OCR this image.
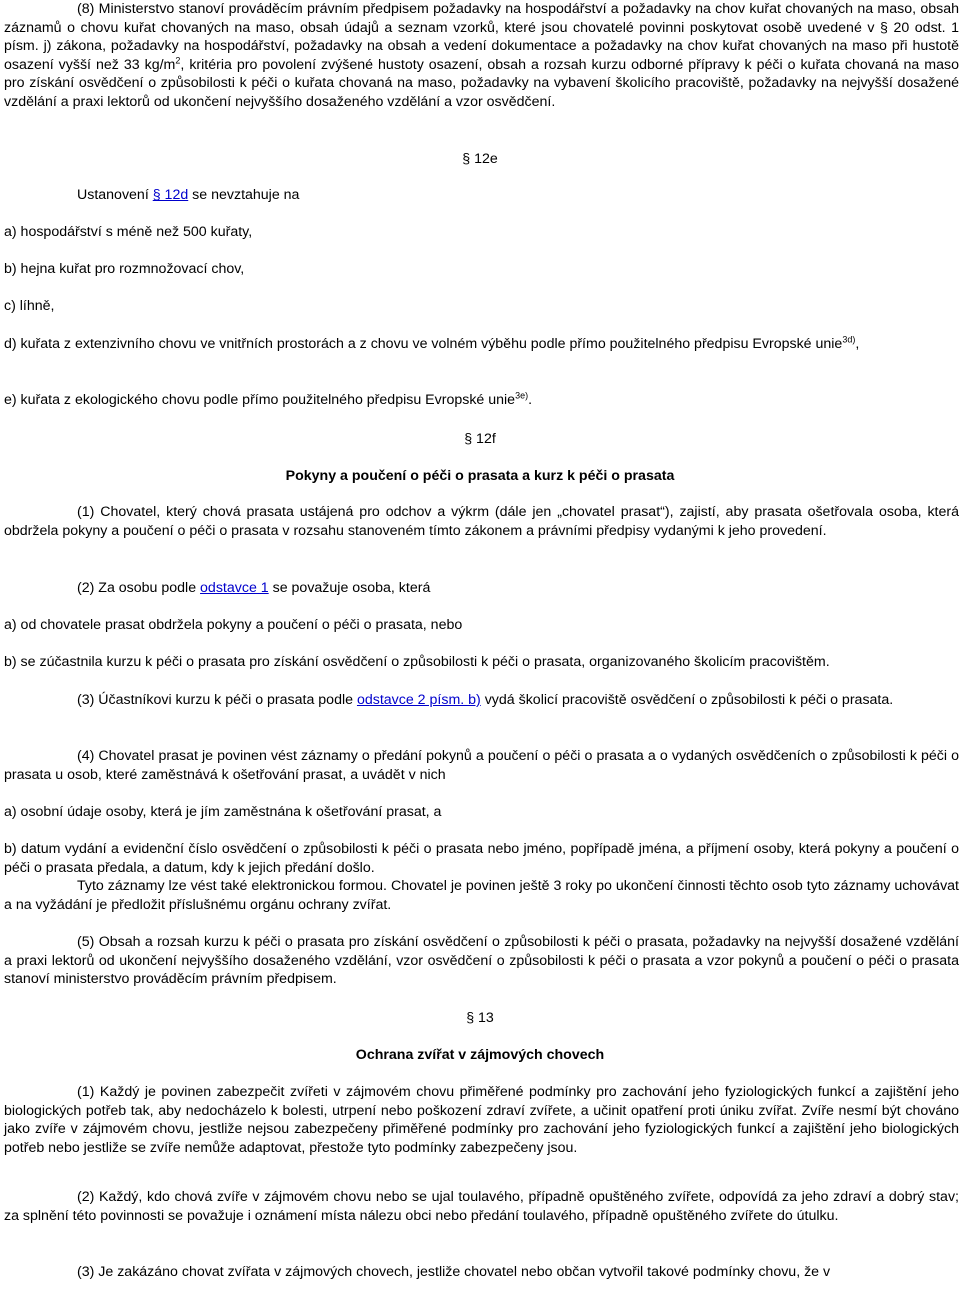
(8) Ministerstvo stanoví prováděcím právním předpisem požadavky na hospodářství a požadavky na chov kuřat chovaných na maso, obsah záznamů o chovu kuřat chovaných na maso, obsah údajů a seznam vzorků, které jsou chovatelé povinni poskytovat osobě uvedené v § 20 odst. 1 písm. j) zákona, požadavky na hospodářství, požadavky na obsah a vedení dokumentace a požadavky na chov kuřat chovaných na maso při hustotě osazení vyšší než 33 $kg/m^2$, kritéria pro povolení zvýšené hustoty osazení, obsah a rozsah kurzu odborné přípravy k péči o kuřata chovaná na maso pro získání osvědčení o způsobilosti k péči o kuřata chovaná na maso, požadavky na vybavení školicího pracoviště, požadavky na nejvyšší dosažené vzdělání a praxi lektorů od ukončení nejvyššího dosaženého vzdělání a vzor osvědčení.

§ 12e

Ustanovení § 12d se nevztahuje na

a) hospodářství s méně než 500 kuřaty,

b) hejna kuřat pro rozmnožovací chov,

c) líhně,

d) kuřata z extenzivního chovu ve vnitřních prostorách a z chovu ve volném výběhu podle přímo použitelného předpisu Evropské unie$^{3d)}$,

e) kuřata z ekologického chovu podle přímo použitelného předpisu Evropské unie$^{3e)}$.

§ 12f

Pokyny a poučení o péči o prasata a kurz k péči o prasata

(1) Chovatel, který chová prasata ustájená pro odchov a výkrm (dále jen „chovatel prasat“), zajistí, aby prasata ošetřovala osoba, která obdržela pokyny a poučení o péči o prasata v rozsahu stanoveném tímto zákonem a právními předpisy vydanými k jeho provedení.

(2) Za osobu podle odstavce 1 se považuje osoba, která

a) od chovatele prasat obdržela pokyny a poučení o péči o prasata, nebo

b) se zúčastnila kurzu k péči o prasata pro získání osvědčení o způsobilosti k péči o prasata, organizovaného školicím pracovištěm.

(3) Účastníkovi kurzu k péči o prasata podle odstavce 2 písm. b) vydá školicí pracoviště osvědčení o způsobilosti k péči o prasata.

(4) Chovatel prasat je povinen vést záznamy o předání pokynů a poučení o péči o prasata a o vydaných osvědčeních o způsobilosti k péči o prasata u osob, které zaměstnává k ošetřování prasat, a uvádět v nich

a) osobní údaje osoby, která je jím zaměstnána k ošetřování prasat, a

b) datum vydání a evidenční číslo osvědčení o způsobilosti k péči o prasata nebo jméno, popřípadě jména, a příjmení osoby, která pokyny a poučení o péči o prasata předala, a datum, kdy k jejich předání došlo.

Tyto záznamy lze vést také elektronickou formou. Chovatel je povinen ještě 3 roky po ukončení činnosti těchto osob tyto záznamy uchovávat a na vyžádání je předložit příslušnému orgánu ochrany zvířat.

(5) Obsah a rozsah kurzu k péči o prasata pro získání osvědčení o způsobilosti k péči o prasata, požadavky na nejvyšší dosažené vzdělání a praxi lektorů od ukončení nejvyššího dosaženého vzdělání, vzor osvědčení o způsobilosti k péči o prasata a vzor pokynů a poučení o péči o prasata stanoví ministerstvo prováděcím právním předpisem.

§ 13

Ochrana zvířat v zájmových chovech

(1) Každý je povinen zabezpečit zvířeti v zájmovém chovu přiměřené podmínky pro zachování jeho fyziologických funkcí a zajištění jeho biologických potřeb tak, aby nedocházelo k bolesti, utrpení nebo poškození zdraví zvířete, a učinit opatření proti úniku zvířat. Zvíře nesmí být chováno jako zvíře v zájmovém chovu, jestliže nejsou zabezpečeny přiměřené podmínky pro zachování jeho fyziologických funkcí a zajištění jeho biologických potřeb nebo jestliže se zvíře nemůže adaptovat, přestože tyto podmínky zabezpečeny jsou.

(2) Každý, kdo chová zvíře v zájmovém chovu nebo se ujal toulavého, případně opuštěného zvířete, odpovídá za jeho zdraví a dobrý stav; za splnění této povinnosti se považuje i oznámení místa nálezu obci nebo předání toulavého, případně opuštěného zvířete do útulku.

(3) Je zakázáno chovat zvířata v zájmových chovech, jestliže chovatel nebo občan vytvořil takové podmínky chovu, že v
